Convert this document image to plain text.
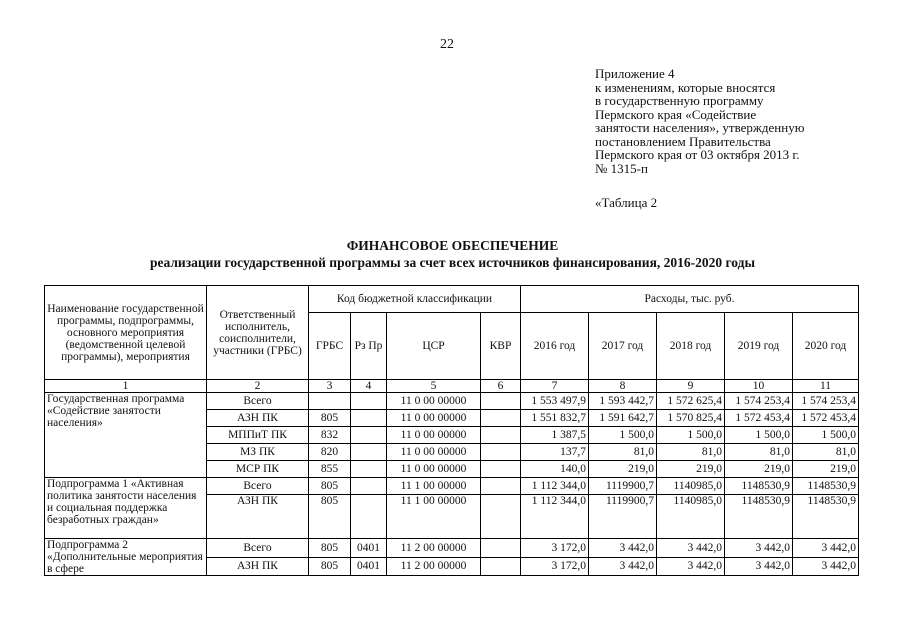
22
Приложение 4
к изменениям, которые вносятся
в государственную программу
Пермского края «Содействие
занятости населения», утвержденную
постановлением Правительства
Пермского края от 03 октября 2013 г.
№ 1315-п
«Таблица 2
ФИНАНСОВОЕ ОБЕСПЕЧЕНИЕ
реализации государственной программы за счет всех источников финансирования, 2016-2020 годы
Наименование государственной программы, подпрограммы, основного мероприятия (ведомственной целевой программы), мероприятия	Ответственный исполнитель, соисполнители, участники (ГРБС)	Код бюджетной классификации				Расходы, тыс. руб.				
		ГРБС	Рз Пр	ЦСР	КВР	2016 год	2017 год	2018 год	2019 год	2020 год
1	2	3	4	5	6	7	8	9	10	11
Государственная программа «Содействие занятости населения»	Всего			11 0 00 00000		1 553 497,9	1 593 442,7	1 572 625,4	1 574 253,4	1 574 253,4
	АЗН ПК	805		11 0 00 00000		1 551 832,7	1 591 642,7	1 570 825,4	1 572 453,4	1 572 453,4
	МППиТ ПК	832		11 0 00 00000		1 387,5	1 500,0	1 500,0	1 500,0	1 500,0
	МЗ ПК	820		11 0 00 00000		137,7	81,0	81,0	81,0	81,0
	МСР ПК	855		11 0 00 00000		140,0	219,0	219,0	219,0	219,0
Подпрограмма 1 «Активная политика занятости населения и социальная поддержка безработных граждан»	Всего	805		11 1 00 00000		1 112 344,0	1119900,7	1140985,0	1148530,9	1148530,9
	АЗН ПК	805		11 1 00 00000		1 112 344,0	1119900,7	1140985,0	1148530,9	1148530,9
Подпрограмма 2 «Дополнительные мероприятия в сфере	Всего	805	0401	11 2 00 00000		3 172,0	3 442,0	3 442,0	3 442,0	3 442,0
	АЗН ПК	805	0401	11 2 00 00000		3 172,0	3 442,0	3 442,0	3 442,0	3 442,0
